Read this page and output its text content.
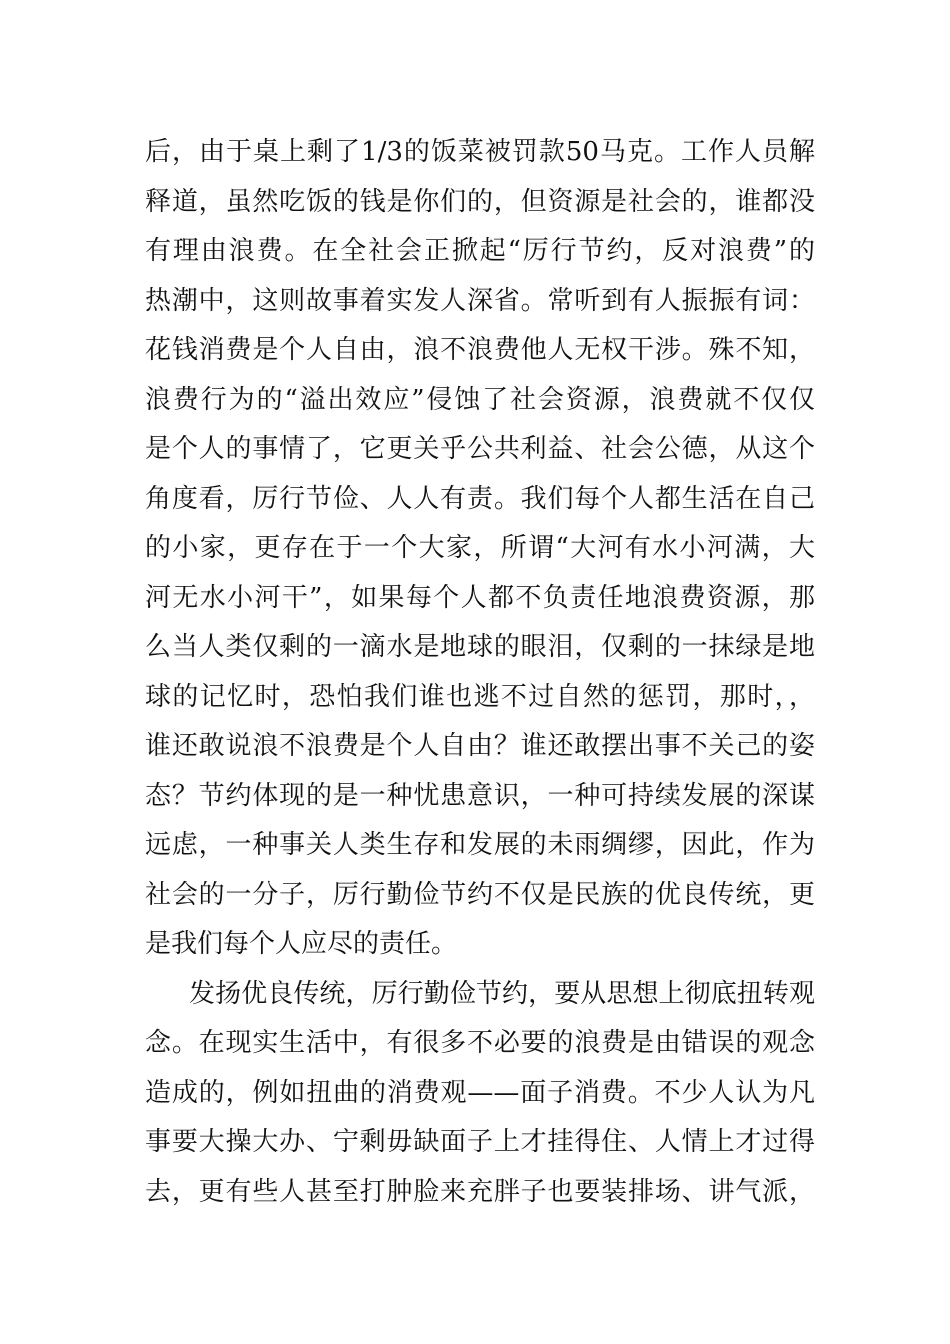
后，由于桌上剩了1/3的饭菜被罚款50马克。工作人员解
释道，虽然吃饭的钱是你们的，但资源是社会的，谁都没
有理由浪费。在全社会正掀起“厉行节约，反对浪费”的
热潮中，这则故事着实发人深省。常听到有人振振有词：
花钱消费是个人自由，浪不浪费他人无权干涉。殊不知，
浪费行为的“溢出效应”侵蚀了社会资源，浪费就不仅仅
是个人的事情了，它更关乎公共利益、社会公德，从这个
角度看，厉行节俭、人人有责。我们每个人都生活在自己
的小家，更存在于一个大家，所谓“大河有水小河满，大
河无水小河干”，如果每个人都不负责任地浪费资源，那
么当人类仅剩的一滴水是地球的眼泪，仅剩的一抹绿是地
球的记忆时，恐怕我们谁也逃不过自然的惩罚，那时，，
谁还敢说浪不浪费是个人自由？谁还敢摆出事不关己的姿
态？节约体现的是一种忧患意识，一种可持续发展的深谋
远虑，一种事关人类生存和发展的未雨绸缪，因此，作为
社会的一分子，厉行勤俭节约不仅是民族的优良传统，更
是我们每个人应尽的责任。
发扬优良传统，厉行勤俭节约，要从思想上彻底扭转观
念。在现实生活中，有很多不必要的浪费是由错误的观念
造成的，例如扭曲的消费观——面子消费。不少人认为凡
事要大操大办、宁剩毋缺面子上才挂得住、人情上才过得
去，更有些人甚至打肿脸来充胖子也要装排场、讲气派，
